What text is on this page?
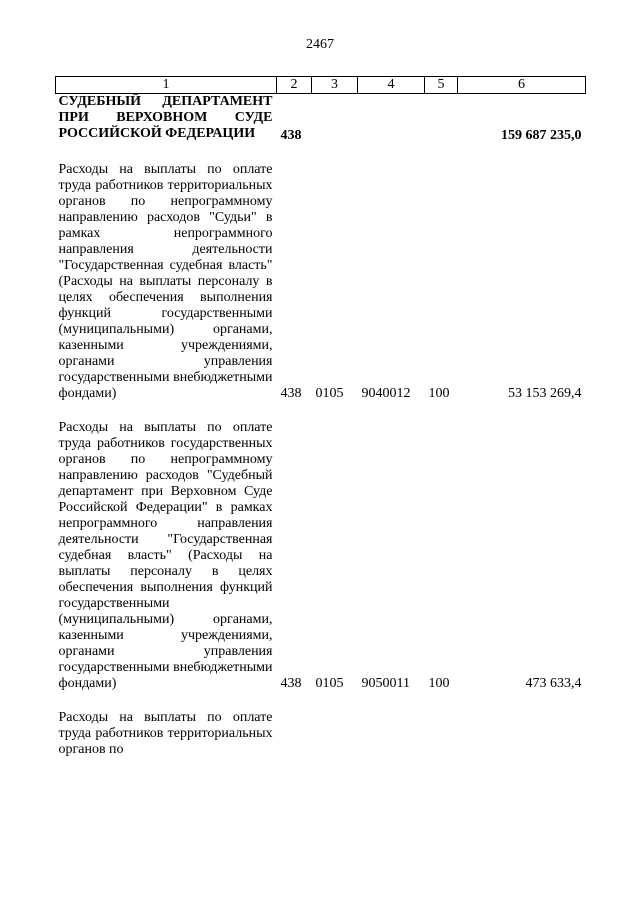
2467
1	2	3	4	5	6
СУДЕБНЫЙ ДЕПАРТАМЕНТ ПРИ ВЕРХОВНОМ СУДЕ РОССИЙСКОЙ ФЕДЕРАЦИИ	438				159 687 235,0

Расходы на выплаты по оплате труда работников территориальных органов по непрограммному направлению расходов "Судьи" в рамках непрограммного направления деятельности "Государственная судебная власть" (Расходы на выплаты персоналу в целях обеспечения выполнения функций государственными (муниципальными) органами, казенными учреждениями, органами управления государственными внебюджетными фондами)	438	0105	9040012	100	53 153 269,4

Расходы на выплаты по оплате труда работников государственных органов по непрограммному направлению расходов "Судебный департамент при Верховном Суде Российской Федерации" в рамках непрограммного направления деятельности "Государственная судебная власть" (Расходы на выплаты персоналу в целях обеспечения выполнения функций государственными (муниципальными) органами, казенными учреждениями, органами управления государственными внебюджетными фондами)	438	0105	9050011	100	473 633,4

Расходы на выплаты по оплате труда работников территориальных органов по					
